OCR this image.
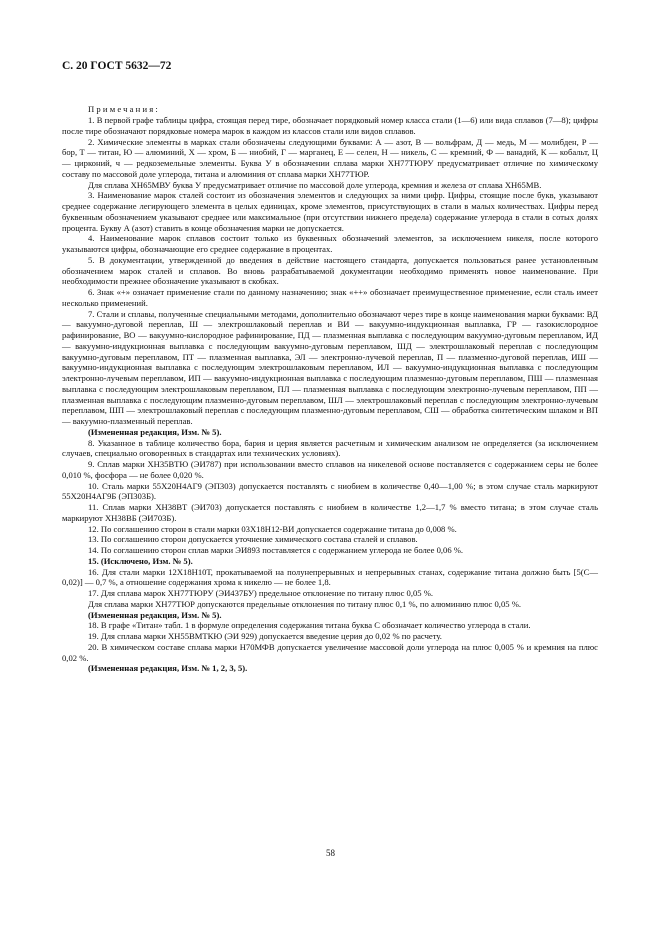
С. 20 ГОСТ 5632—72
Примечания:

1. В первой графе таблицы цифра, стоящая перед тире, обозначает порядковый номер класса стали (1—6) или вида сплавов (7—8); цифры после тире обозначают порядковые номера марок в каждом из классов стали или видов сплавов.

2. Химические элементы в марках стали обозначены следующими буквами: А — азот, В — вольфрам, Д — медь, М — молибден, Р — бор, Т — титан, Ю — алюминий, Х — хром, Б — ниобий, Г — марганец, Е — селен, Н — никель, С — кремний, Ф — ванадий, К — кобальт, Ц — цирконий, ч — редкоземельные элементы. Буква У в обозначении сплава марки ХН77ТЮРУ предусматривает отличие по химическому составу по массовой доле углерода, титана и алюминия от сплава марки ХН77ТЮР.

Для сплава ХН65МВУ буква У предусматривает отличие по массовой доле углерода, кремния и железа от сплава ХН65МВ.

3. Наименование марок сталей состоит из обозначения элементов и следующих за ними цифр. Цифры, стоящие после букв, указывают среднее содержание легирующего элемента в целых единицах, кроме элементов, присутствующих в стали в малых количествах. Цифры перед буквенным обозначением указывают среднее или максимальное (при отсутствии нижнего предела) содержание углерода в стали в сотых долях процента. Букву А (азот) ставить в конце обозначения марки не допускается.

4. Наименование марок сплавов состоит только из буквенных обозначений элементов, за исключением никеля, после которого указываются цифры, обозначающие его среднее содержание в процентах.

5. В документации, утвержденной до введения в действие настоящего стандарта, допускается пользоваться ранее установленным обозначением марок сталей и сплавов. Во вновь разрабатываемой документации необходимо применять новое наименование. При необходимости прежнее обозначение указывают в скобках.

6. Знак «+» означает применение стали по данному назначению; знак «++» обозначает преимущественное применение, если сталь имеет несколько применений.

7. Стали и сплавы, полученные специальными методами, дополнительно обозначают через тире в конце наименования марки буквами: ВД — вакуумно-дуговой переплав, Ш — электрошлаковый переплав и ВИ — вакуумно-индукционная выплавка, ГР — газокислородное рафинирование, ВО — вакуумно-кислородное рафинирование, ПД — плазменная выплавка с последующим вакуумно-дуговым переплавом, ИД — вакуумно-индукционная выплавка с последующим вакуумно-дуговым переплавом, ШД — электрошлаковый переплав с последующим вакуумно-дуговым переплавом, ПТ — плазменная выплавка, ЭЛ — электронно-лучевой переплав, П — плазменно-дуговой переплав, ИШ — вакуумно-индукционная выплавка с последующим электрошлаковым переплавом, ИЛ — вакуумно-индукционная выплавка с последующим электронно-лучевым переплавом, ИП — вакуумно-индукционная выплавка с последующим плазменно-дуговым переплавом, ПШ — плазменная выплавка с последующим электрошлаковым переплавом, ПЛ — плазменная выплавка с последующим электронно-лучевым переплавом, ПП — плазменная выплавка с последующим плазменно-дуговым переплавом, ШЛ — электрошлаковый переплав с последующим электронно-лучевым переплавом, ШП — электрошлаковый переплав с последующим плазменно-дуговым переплавом, СШ — обработка синтетическим шлаком и ВП — вакуумно-плазменный переплав.

(Измененная редакция, Изм. № 5).

8. Указанное в таблице количество бора, бария и церия является расчетным и химическим анализом не определяется (за исключением случаев, специально оговоренных в стандартах или технических условиях).

9. Сплав марки ХН35ВТЮ (ЭИ787) при использовании вместо сплавов на никелевой основе поставляется с содержанием серы не более 0,010 %, фосфора — не более 0,020 %.

10. Сталь марки 55Х20Н4АГ9 (ЭП303) допускается поставлять с ниобием в количестве 0,40—1,00 %; в этом случае сталь маркируют 55Х20Н4АГ9Б (ЭП303Б).

11. Сплав марки ХН38ВТ (ЭИ703) допускается поставлять с ниобием в количестве 1,2—1,7 % вместо титана; в этом случае сталь маркируют ХН38ВБ (ЭИ703Б).

12. По соглашению сторон в стали марки 03Х18Н12-ВИ допускается содержание титана до 0,008 %.

13. По соглашению сторон допускается уточнение химического состава сталей и сплавов.

14. По соглашению сторон сплав марки ЭИ893 поставляется с содержанием углерода не более 0,06 %.

15. (Исключено, Изм. № 5).

16. Для стали марки 12Х18Н10Т, прокатываемой на полунепрерывных и непрерывных станах, содержание титана должно быть [5(С—0,02)] — 0,7 %, а отношение содержания хрома к никелю — не более 1,8.

17. Для сплава марок ХН77ТЮРУ (ЭИ437БУ) предельное отклонение по титану плюс 0,05 %.

Для сплава марки ХН77ТЮР допускаются предельные отклонения по титану плюс 0,1 %, по алюминию плюс 0,05 %.

(Измененная редакция, Изм. № 5).

18. В графе «Титан» табл. 1 в формуле определения содержания титана буква С обозначает количество углерода в стали.

19. Для сплава марки ХН55ВМТКЮ (ЭИ 929) допускается введение церия до 0,02 % по расчету.

20. В химическом составе сплава марки Н70МФВ допускается увеличение массовой доли углерода на плюс 0,005 % и кремния на плюс 0,02 %.

(Измененная редакция, Изм. № 1, 2, 3, 5).

58
